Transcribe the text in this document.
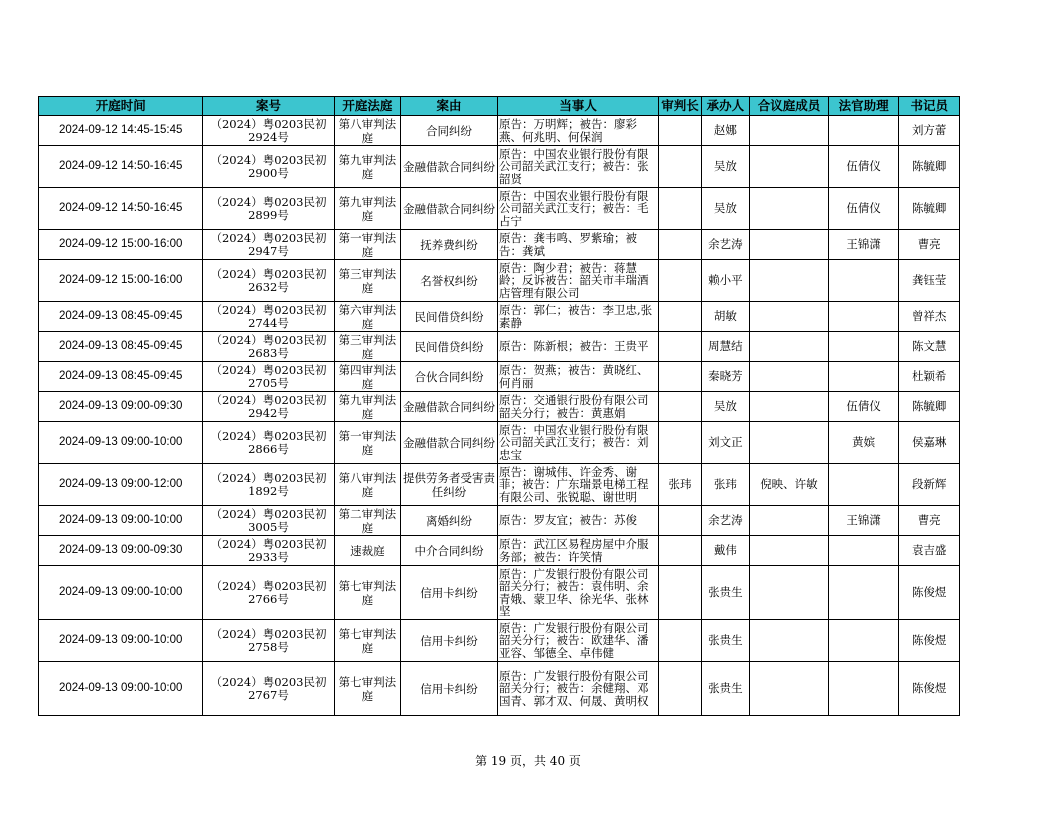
开庭时间	案号	开庭法庭	案由	当事人	审判长	承办人	合议庭成员	法官助理	书记员

2024-09-12 14:45-15:45	（2024）粤0203民初2924号	第八审判法庭	合同纠纷	原告：万明辉；被告：廖彩燕、何兆明、何保润		赵娜			刘方蕾

2024-09-12 14:50-16:45	（2024）粤0203民初2900号	第九审判法庭	金融借款合同纠纷	原告：中国农业银行股份有限公司韶关武江支行；被告：张韶贤		吴放		伍倩仪	陈毓卿

2024-09-12 14:50-16:45	（2024）粤0203民初2899号	第九审判法庭	金融借款合同纠纷	原告：中国农业银行股份有限公司韶关武江支行；被告：毛占宁		吴放		伍倩仪	陈毓卿

2024-09-12 15:00-16:00	（2024）粤0203民初2947号	第一审判法庭	抚养费纠纷	原告：龚韦鸣、罗紫瑜；被告：龚斌		余艺涛		王锦潇	曹亮

2024-09-12 15:00-16:00	（2024）粤0203民初2632号	第三审判法庭	名誉权纠纷	原告：陶少君；被告：蒋慧龄；反诉被告：韶关市丰瑞酒店管理有限公司		赖小平			龚钰莹

2024-09-13 08:45-09:45	（2024）粤0203民初2744号	第六审判法庭	民间借贷纠纷	原告：郭仁；被告：李卫忠,张素静		胡敏			曾祥杰

2024-09-13 08:45-09:45	（2024）粤0203民初2683号	第三审判法庭	民间借贷纠纷	原告：陈新根；被告：王贵平		周慧结			陈文慧

2024-09-13 08:45-09:45	（2024）粤0203民初2705号	第四审判法庭	合伙合同纠纷	原告：贺燕；被告：黄晓红、何肖丽		秦晓芳			杜颖希

2024-09-13 09:00-09:30	（2024）粤0203民初2942号	第九审判法庭	金融借款合同纠纷	原告：交通银行股份有限公司韶关分行；被告：黄惠娟		吴放		伍倩仪	陈毓卿

2024-09-13 09:00-10:00	（2024）粤0203民初2866号	第一审判法庭	金融借款合同纠纷	原告：中国农业银行股份有限公司韶关武江支行；被告：刘忠宝		刘文正		黄嫔	侯嘉琳

2024-09-13 09:00-12:00	（2024）粤0203民初1892号	第八审判法庭	提供劳务者受害责任纠纷	原告：谢城伟、许金秀、谢菲；被告：广东瑞景电梯工程有限公司、张锐聪、谢世明	张玮	张玮	倪映、许敏		段新辉

2024-09-13 09:00-10:00	（2024）粤0203民初3005号	第二审判法庭	离婚纠纷	原告：罗友宜；被告：苏俊		余艺涛		王锦潇	曹亮

2024-09-13 09:00-09:30	（2024）粤0203民初2933号	速裁庭	中介合同纠纷	原告：武江区易程房屋中介服务部；被告：许笑情		戴伟			袁吉盛

2024-09-13 09:00-10:00	（2024）粤0203民初2766号	第七审判法庭	信用卡纠纷	原告：广发银行股份有限公司韶关分行；被告：袁伟明、余青娥、蒙卫华、徐光华、张林坚		张贵生			陈俊煜

2024-09-13 09:00-10:00	（2024）粤0203民初2758号	第七审判法庭	信用卡纠纷	原告：广发银行股份有限公司韶关分行；被告：欧建华、潘亚容、邹德全、卓伟健		张贵生			陈俊煜

2024-09-13 09:00-10:00	（2024）粤0203民初2767号	第七审判法庭	信用卡纠纷	原告：广发银行股份有限公司韶关分行；被告：余健翔、邓国青、郭才双、何晟、黄明权		张贵生			陈俊煜
第 19 页，共 40 页
